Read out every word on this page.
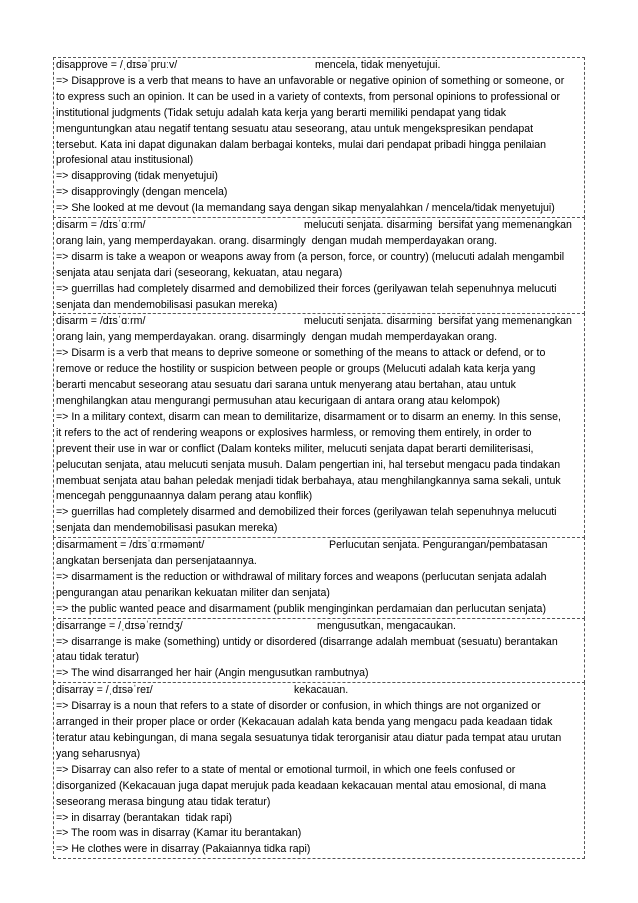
disapprove = /ˌdɪsəˈpruːv/	mencela, tidak menyetujui.
=> Disapprove is a verb that means to have an unfavorable or negative opinion of something or someone, or
to express such an opinion. It can be used in a variety of contexts, from personal opinions to professional or
institutional judgments (Tidak setuju adalah kata kerja yang berarti memiliki pendapat yang tidak
menguntungkan atau negatif tentang sesuatu atau seseorang, atau untuk mengekspresikan pendapat
tersebut. Kata ini dapat digunakan dalam berbagai konteks, mulai dari pendapat pribadi hingga penilaian
profesional atau institusional)
=> disapproving (tidak menyetujui)
=> disapprovingly (dengan mencela)
=> She looked at me devout (Ia memandang saya dengan sikap menyalahkan / mencela/tidak menyetujui)
disarm = /dɪsˈɑːrm/	melucuti senjata. disarming  bersifat yang memenangkan
orang lain, yang memperdayakan. orang. disarmingly  dengan mudah memperdayakan orang.
=> disarm is take a weapon or weapons away from (a person, force, or country) (melucuti adalah mengambil
senjata atau senjata dari (seseorang, kekuatan, atau negara)
=> guerrillas had completely disarmed and demobilized their forces (gerilyawan telah sepenuhnya melucuti
senjata dan mendemobilisasi pasukan mereka)
disarm = /dɪsˈɑːrm/	melucuti senjata. disarming  bersifat yang memenangkan
orang lain, yang memperdayakan. orang. disarmingly  dengan mudah memperdayakan orang.
=> Disarm is a verb that means to deprive someone or something of the means to attack or defend, or to
remove or reduce the hostility or suspicion between people or groups (Melucuti adalah kata kerja yang
berarti mencabut seseorang atau sesuatu dari sarana untuk menyerang atau bertahan, atau untuk
menghilangkan atau mengurangi permusuhan atau kecurigaan di antara orang atau kelompok)
=> In a military context, disarm can mean to demilitarize, disarmament or to disarm an enemy. In this sense,
it refers to the act of rendering weapons or explosives harmless, or removing them entirely, in order to
prevent their use in war or conflict (Dalam konteks militer, melucuti senjata dapat berarti demiliterisasi,
pelucutan senjata, atau melucuti senjata musuh. Dalam pengertian ini, hal tersebut mengacu pada tindakan
membuat senjata atau bahan peledak menjadi tidak berbahaya, atau menghilangkannya sama sekali, untuk
mencegah penggunaannya dalam perang atau konflik)
=> guerrillas had completely disarmed and demobilized their forces (gerilyawan telah sepenuhnya melucuti
senjata dan mendemobilisasi pasukan mereka)
disarmament = /dɪsˈɑːrməmənt/	Perlucutan senjata. Pengurangan/pembatasan
angkatan bersenjata dan persenjataannya.
=> disarmament is the reduction or withdrawal of military forces and weapons (perlucutan senjata adalah
pengurangan atau penarikan kekuatan militer dan senjata)
=> the public wanted peace and disarmament (publik menginginkan perdamaian dan perlucutan senjata)
disarrange = /ˌdɪsəˈreɪndʒ/	mengusutkan, mengacaukan.
=> disarrange is make (something) untidy or disordered (disarrange adalah membuat (sesuatu) berantakan
atau tidak teratur)
=> The wind disarranged her hair (Angin mengusutkan rambutnya)
disarray = /ˌdɪsəˈreɪ/	kekacauan.
=> Disarray is a noun that refers to a state of disorder or confusion, in which things are not organized or
arranged in their proper place or order (Kekacauan adalah kata benda yang mengacu pada keadaan tidak
teratur atau kebingungan, di mana segala sesuatunya tidak terorganisir atau diatur pada tempat atau urutan
yang seharusnya)
=> Disarray can also refer to a state of mental or emotional turmoil, in which one feels confused or
disorganized (Kekacauan juga dapat merujuk pada keadaan kekacauan mental atau emosional, di mana
seseorang merasa bingung atau tidak teratur)
=> in disarray (berantakan  tidak rapi)
=> The room was in disarray (Kamar itu berantakan)
=> He clothes were in disarray (Pakaiannya tidka rapi)
